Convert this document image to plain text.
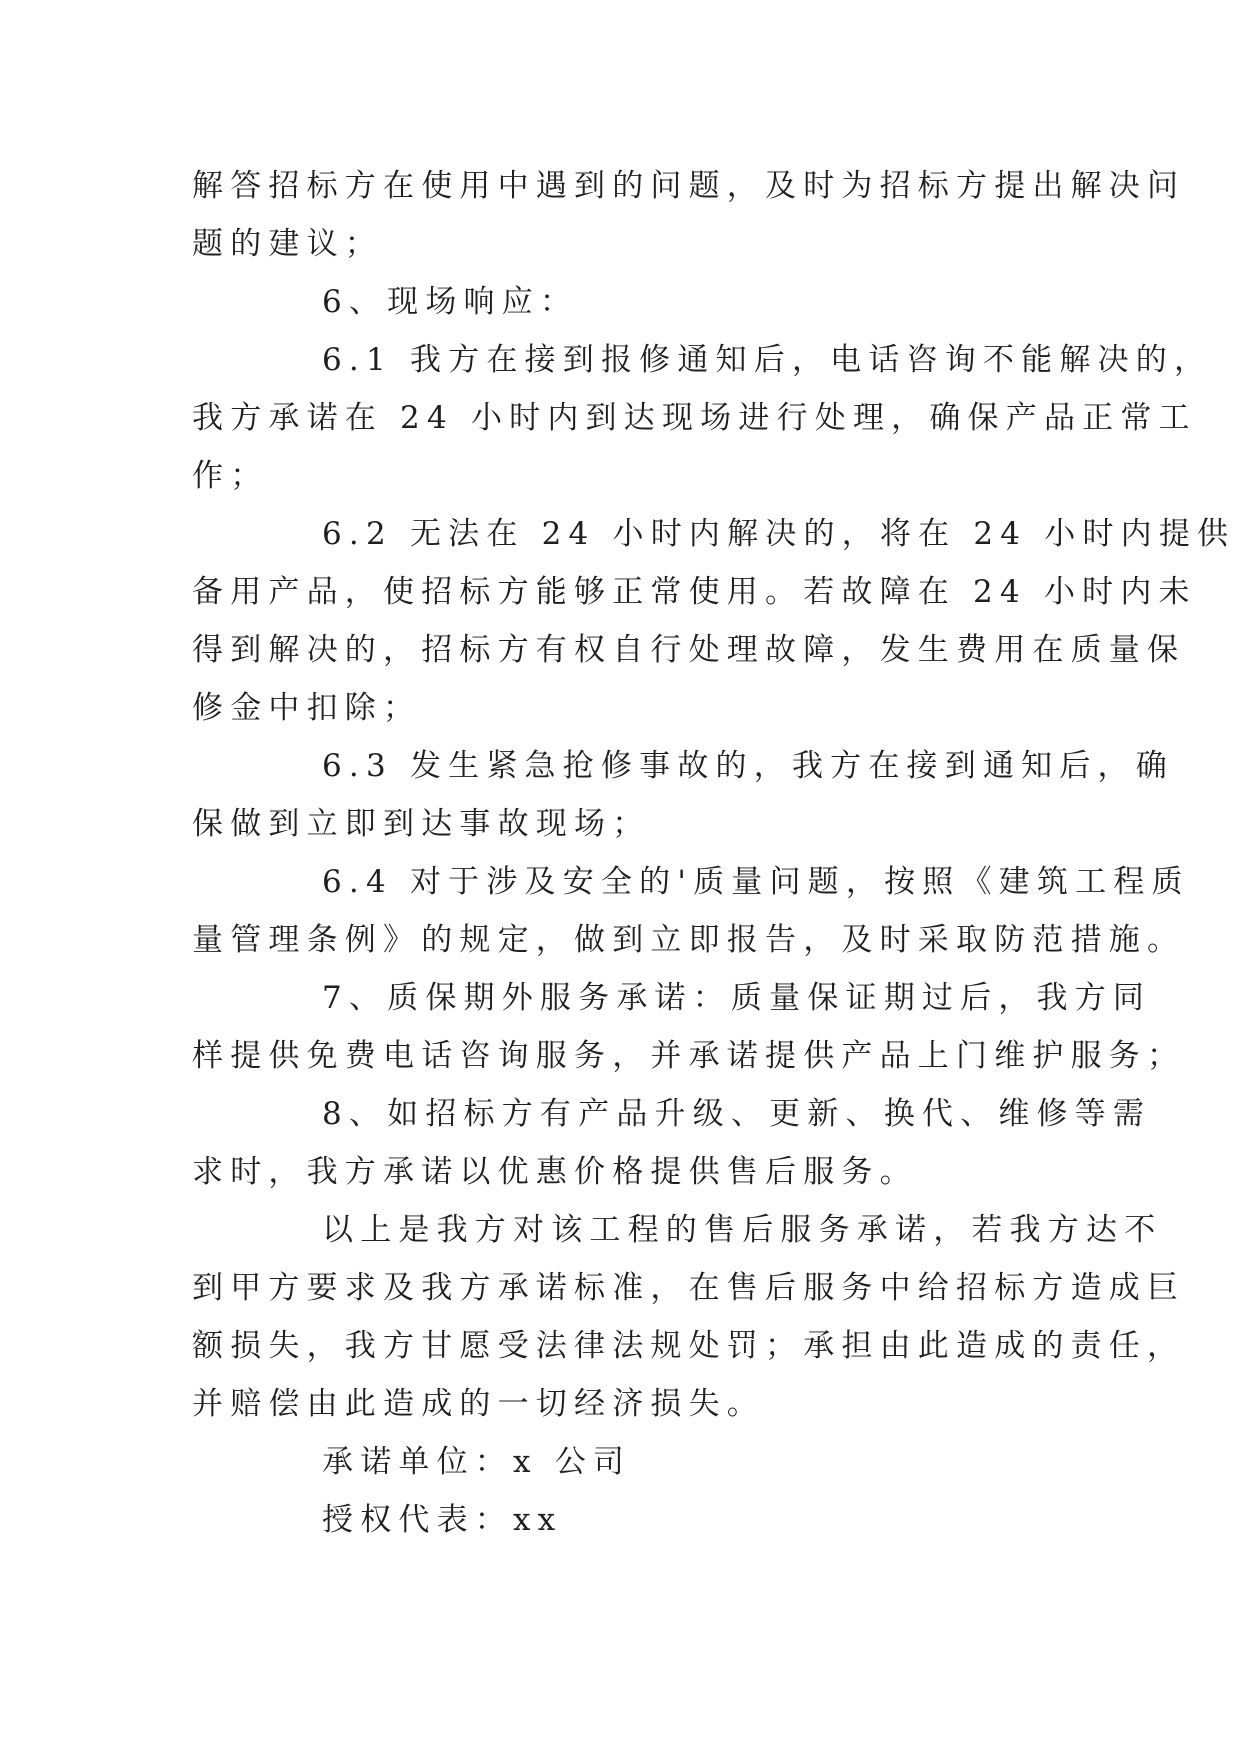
解答招标方在使用中遇到的问题，及时为招标方提出解决问
题的建议；
6、现场响应：
6.1 我方在接到报修通知后，电话咨询不能解决的，
我方承诺在 24 小时内到达现场进行处理，确保产品正常工
作；
6.2 无法在 24 小时内解决的，将在 24 小时内提供
备用产品，使招标方能够正常使用。若故障在 24 小时内未
得到解决的，招标方有权自行处理故障，发生费用在质量保
修金中扣除；
6.3 发生紧急抢修事故的，我方在接到通知后，确
保做到立即到达事故现场；
6.4 对于涉及安全的'质量问题，按照《建筑工程质
量管理条例》的规定，做到立即报告，及时采取防范措施。
7、质保期外服务承诺：质量保证期过后，我方同
样提供免费电话咨询服务，并承诺提供产品上门维护服务；
8、如招标方有产品升级、更新、换代、维修等需
求时，我方承诺以优惠价格提供售后服务。
以上是我方对该工程的售后服务承诺，若我方达不
到甲方要求及我方承诺标准，在售后服务中给招标方造成巨
额损失，我方甘愿受法律法规处罚；承担由此造成的责任，
并赔偿由此造成的一切经济损失。
承诺单位：x 公司
授权代表：xx
